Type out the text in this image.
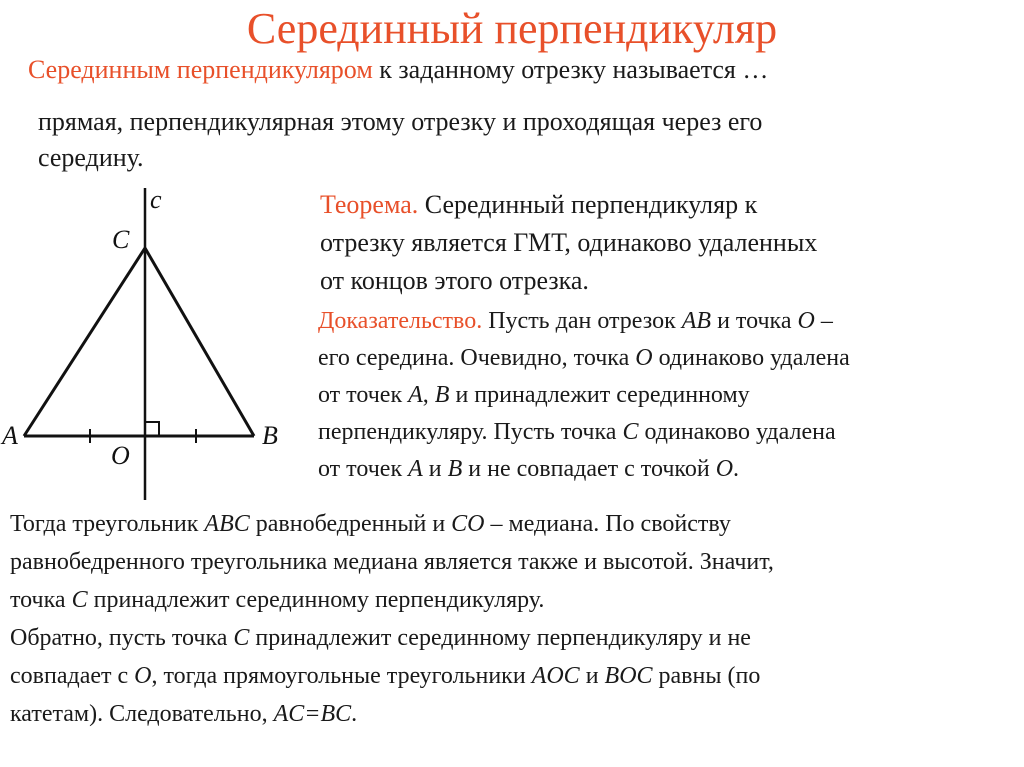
Серединный перпендикуляр
Серединным перпендикуляром к заданному отрезку называется …
прямая, перпендикулярная этому отрезку и проходящая через его
середину.
c
C
A	B
O
Теорема. Серединный перпендикуляр к
отрезку является ГМТ, одинаково удаленных
от концов этого отрезка.
Доказательство. Пусть дан отрезок AB и точка O –
его середина. Очевидно, точка O одинаково удалена
от точек A, B и принадлежит серединному
перпендикуляру. Пусть точка C одинаково удалена
от точек A и B и не совпадает с точкой O.
Тогда треугольник ABC равнобедренный и CO – медиана. По свойству
равнобедренного треугольника медиана является также и высотой. Значит,
точка C принадлежит серединному перпендикуляру.
Обратно, пусть точка C принадлежит серединному перпендикуляру и не
совпадает с O, тогда прямоугольные треугольники AOC и BOC равны (по
катетам). Следовательно, AC=BC.
